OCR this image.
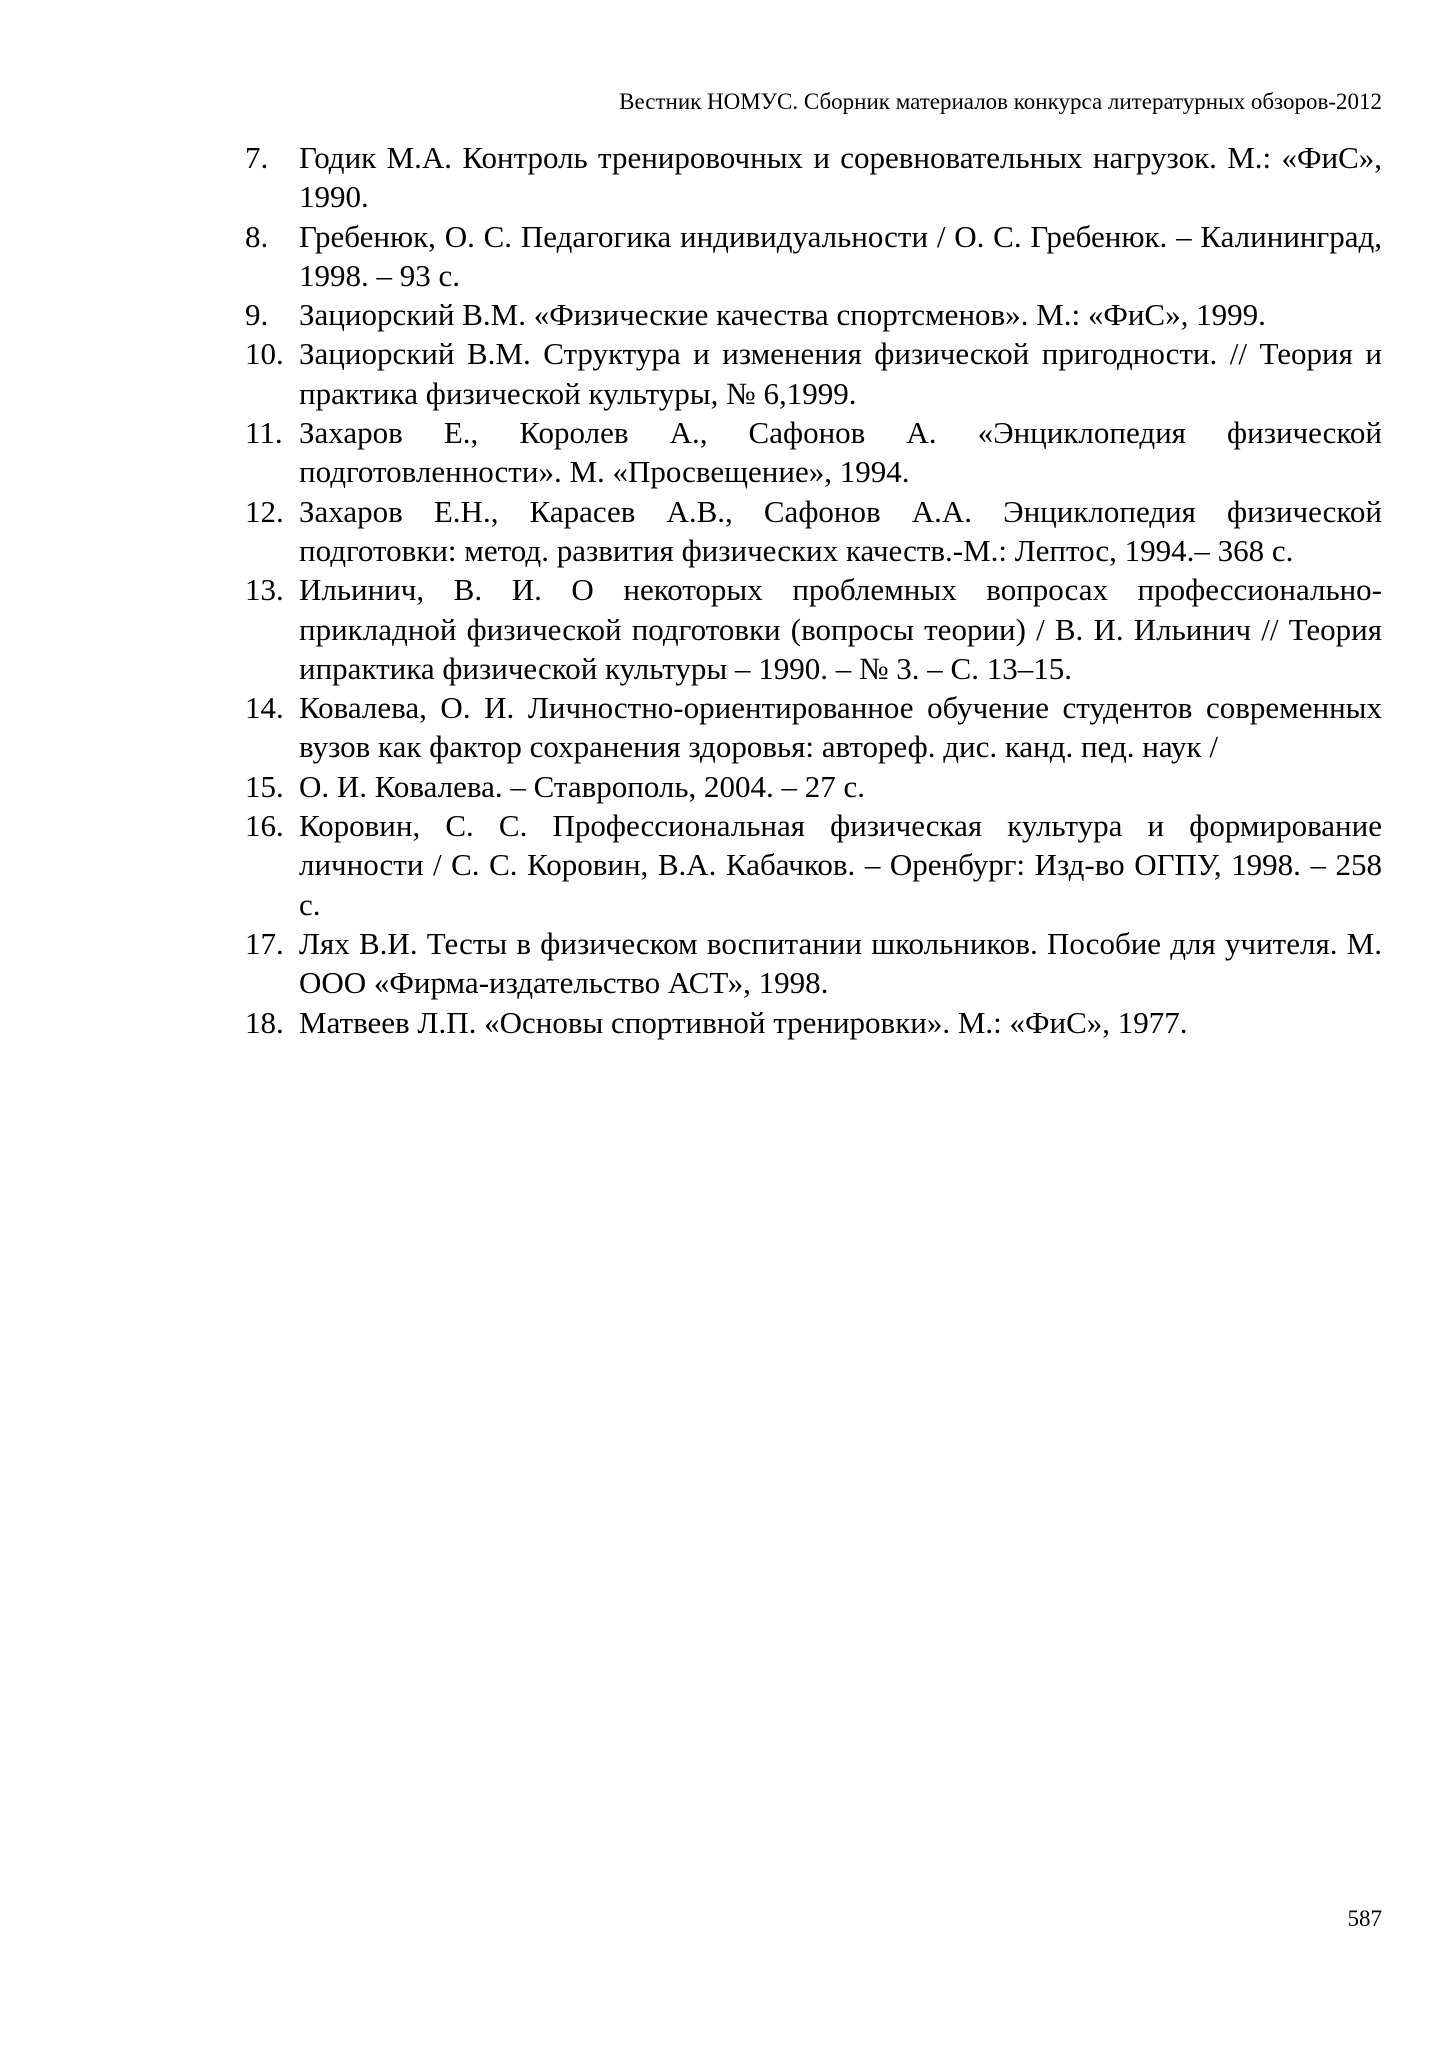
Вестник НОМУС. Сборник материалов конкурса литературных обзоров-2012
7. Годик М.А. Контроль тренировочных и соревновательных нагрузок. М.: «ФиС», 1990.
8. Гребенюк, О. С. Педагогика индивидуальности / О. С. Гребенюк. – Калининград, 1998. – 93 с.
9. Зациорский В.М. «Физические качества спортсменов». М.: «ФиС», 1999.
10. Зациорский В.М. Структура и изменения физической пригодности. // Теория и практика физической культуры, № 6,1999.
11. Захаров Е., Королев А., Сафонов А. «Энциклопедия физической подготовленности». М. «Просвещение», 1994.
12. Захаров Е.Н., Карасев А.В., Сафонов А.А. Энциклопедия физической подготовки: метод. развития физических качеств.-М.: Лептос, 1994.– 368 с.
13. Ильинич, В. И. О некоторых проблемных вопросах профессионально-прикладной физической подготовки (вопросы теории) / В. И. Ильинич // Теория ипрактика физической культуры – 1990. – № 3. – С. 13–15.
14. Ковалева, О. И. Личностно-ориентированное обучение студентов современных вузов как фактор сохранения здоровья: автореф. дис. канд. пед. наук /
15. О. И. Ковалева. – Ставрополь, 2004. – 27 с.
16. Коровин, С. С. Профессиональная физическая культура и формирование личности / С. С. Коровин, В.А. Кабачков. – Оренбург: Изд-во ОГПУ, 1998. – 258 с.
17. Лях В.И. Тесты в физическом воспитании школьников. Пособие для учителя. М. ООО «Фирма-издательство АСТ», 1998.
18. Матвеев Л.П. «Основы спортивной тренировки». М.: «ФиС», 1977.
587
